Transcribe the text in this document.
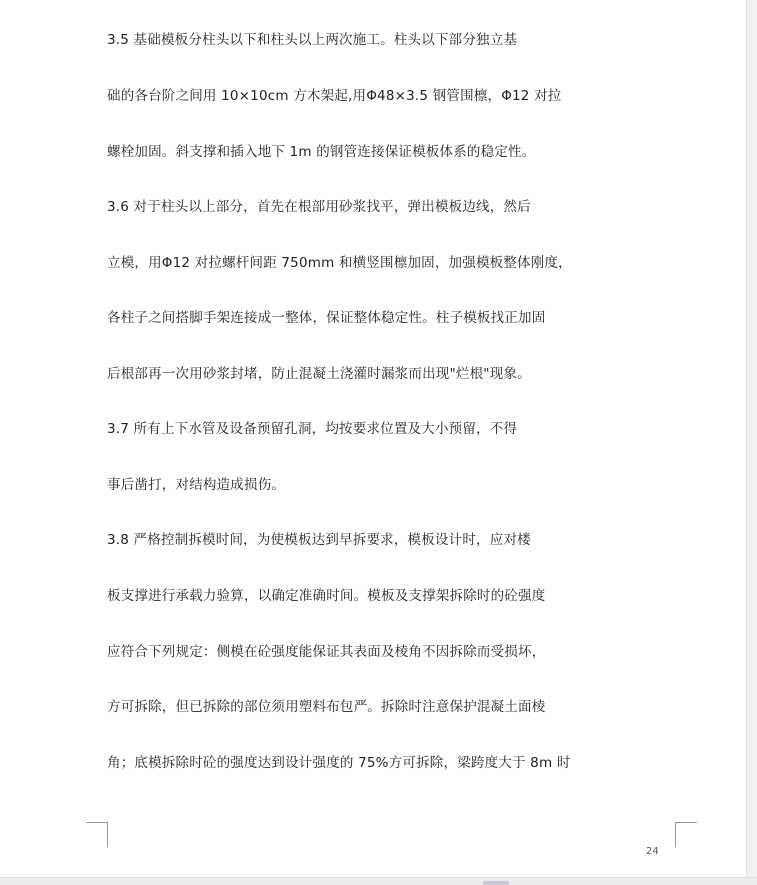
3.5 基础模板分柱头以下和柱头以上两次施工。柱头以下部分独立基
础的各台阶之间用 10×10cm 方木架起,用Φ48×3.5 钢管围檩，Φ12 对拉
螺栓加固。斜支撑和插入地下 1m 的钢管连接保证模板体系的稳定性。
3.6 对于柱头以上部分，首先在根部用砂浆找平，弹出模板边线，然后
立模，用Φ12 对拉螺杆间距 750mm 和横竖围檩加固，加强模板整体刚度，
各柱子之间搭脚手架连接成一整体，保证整体稳定性。柱子模板找正加固
后根部再一次用砂浆封堵，防止混凝土浇灌时漏浆而出现"烂根"现象。
3.7 所有上下水管及设备预留孔洞，均按要求位置及大小预留，不得
事后凿打，对结构造成损伤。
3.8 严格控制拆模时间，为使模板达到早拆要求，模板设计时，应对楼
板支撑进行承载力验算，以确定准确时间。模板及支撑架拆除时的砼强度
应符合下列规定：侧模在砼强度能保证其表面及棱角不因拆除而受损坏，
方可拆除，但已拆除的部位须用塑料布包严。拆除时注意保护混凝土面棱
角；底模拆除时砼的强度达到设计强度的 75%方可拆除，梁跨度大于 8m 时
24
